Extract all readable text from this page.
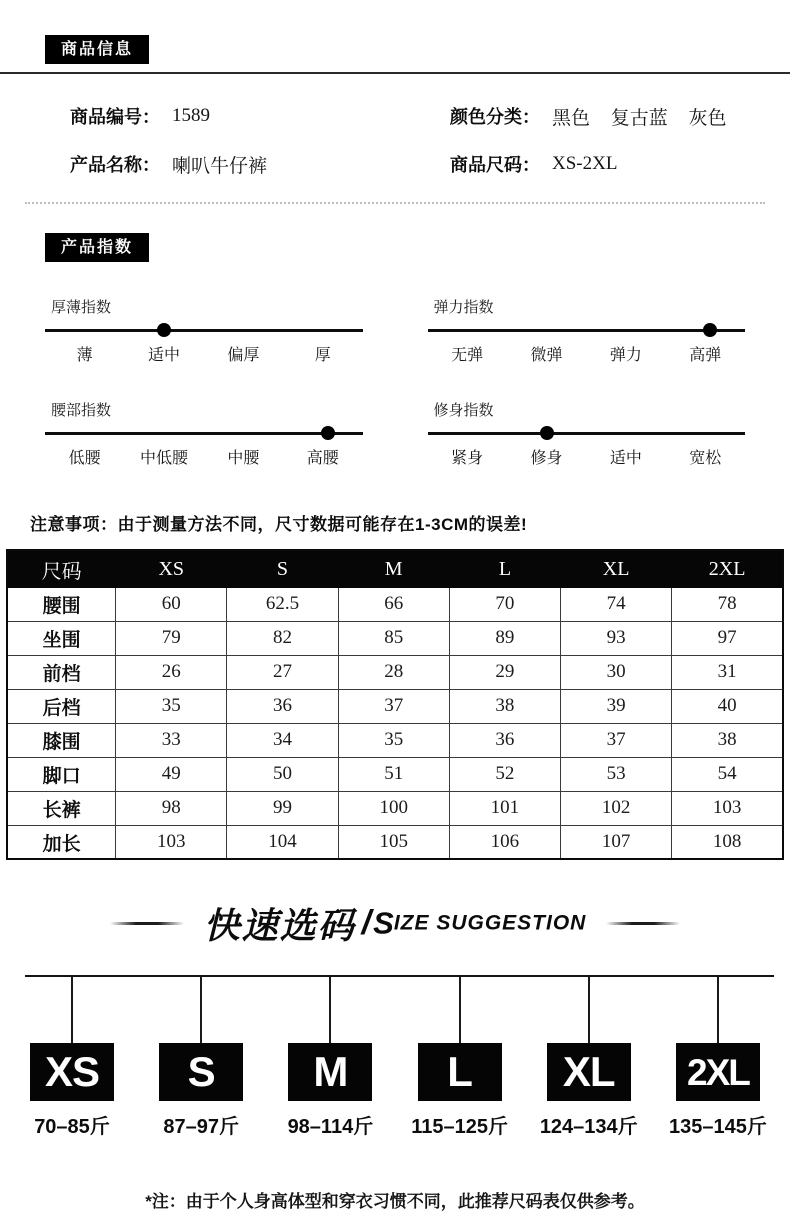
商品信息
商品编号： 1589	颜色分类： 黑色 复古蓝 灰色
产品名称： 喇叭牛仔裤	商品尺码： XS-2XL
产品指数
厚薄指数
薄	适中	偏厚	厚
弹力指数
无弹	微弹	弹力	高弹
腰部指数
低腰	中低腰	中腰	高腰
修身指数
紧身	修身	适中	宽松
注意事项：由于测量方法不同，尺寸数据可能存在1-3CM的误差!
尺码	XS	S	M	L	XL	2XL
腰围	60	62.5	66	70	74	78
坐围	79	82	85	89	93	97
前档	26	27	28	29	30	31
后档	35	36	37	38	39	40
膝围	33	34	35	36	37	38
脚口	49	50	51	52	53	54
长裤	98	99	100	101	102	103
加长	103	104	105	106	107	108
快速选码 /SIZE SUGGESTION
XS
70–85斤
S
87–97斤
M
98–114斤
L
115–125斤
XL
124–134斤
2XL
135–145斤
*注：由于个人身高体型和穿衣习惯不同，此推荐尺码表仅供参考。
